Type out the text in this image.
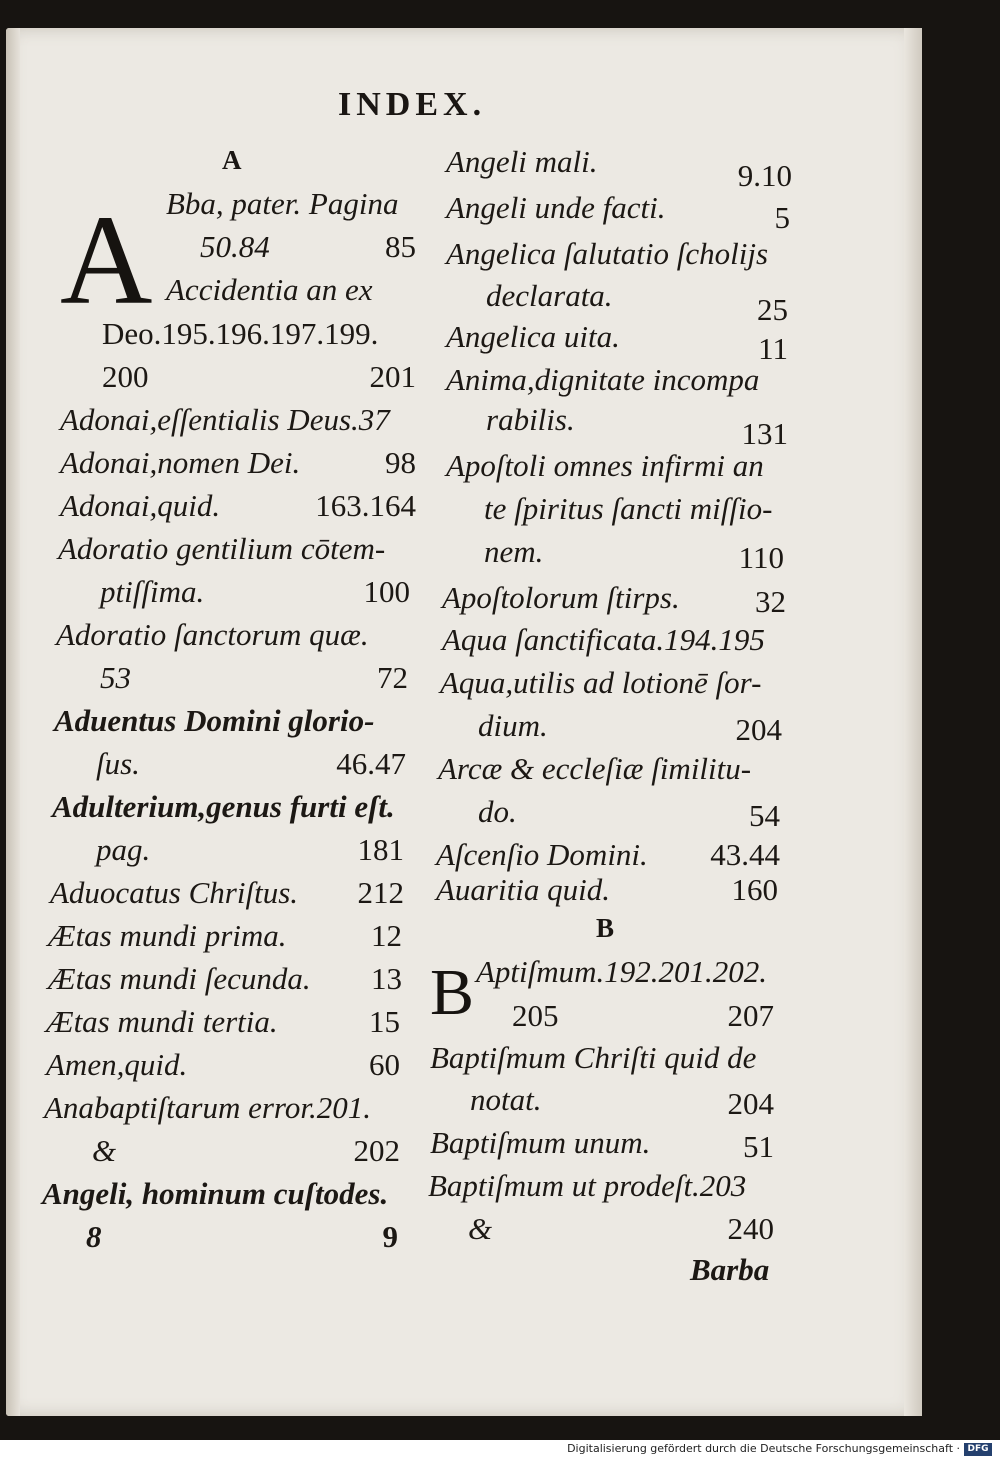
INDEX.
A
A Bba, pater. Pagina
50.84	85
Accidentia an ex
Deo.195.196.197.199.
200	201
Adonai,eſſentialis Deus.37
Adonai,nomen Dei.	98
Adonai,quid.	163.164
Adoratio gentilium cōtem-
ptiſſima.	100
Adoratio ſanctorum quæ.
53	72
Aduentus Domini glorio-
ſus.	46.47
Adulterium,genus furti eſt.
pag.	181
Aduocatus Chriſtus. 212
Ætas mundi prima.	12
Ætas mundi ſecunda. 13
Ætas mundi tertia.	15
Amen,quid.	60
Anabaptiſtarum error.201.
&	202
Angeli, hominum cuſtodes.
8	9
Angeli mali.	9.10
Angeli unde facti.	5
Angelica ſalutatio ſcholijs
declarata.	25
Angelica uita.	11
Anima,dignitate incompa
rabilis.	131
Apoſtoli omnes infirmi an
te ſpiritus ſancti miſſio-
nem.	110
Apoſtolorum ſtirps. 32
Aqua ſanctificata.194.195
Aqua,utilis ad lotionē ſor-
dium.	204
Arcæ & eccleſiæ ſimilitu-
do.	54
Aſcenſio Domini. 43.44
Auaritia quid.	160
B
B Aptiſmum.192.201.202.
205	207
Baptiſmum Chriſti quid de
notat.	204
Baptiſmum unum.	51
Baptiſmum ut prodeſt.203
&	240
Barba
Digitalisierung gefördert durch die Deutsche Forschungsgemeinschaft · DFG
